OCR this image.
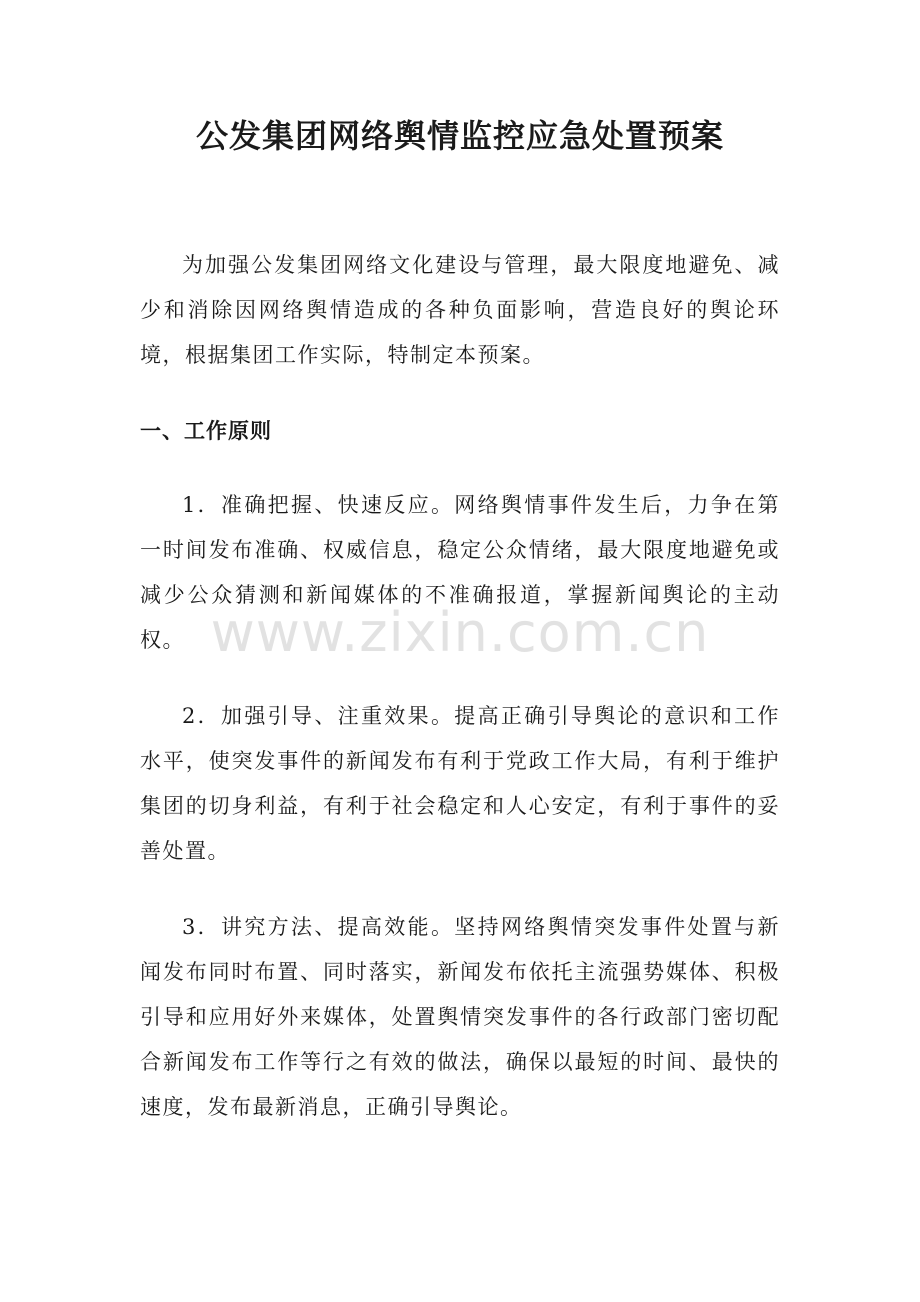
公发集团网络舆情监控应急处置预案

为加强公发集团网络文化建设与管理，最大限度地避免、减少和消除因网络舆情造成的各种负面影响，营造良好的舆论环境，根据集团工作实际，特制定本预案。

一、工作原则

1．准确把握、快速反应。网络舆情事件发生后，力争在第一时间发布准确、权威信息，稳定公众情绪，最大限度地避免或减少公众猜测和新闻媒体的不准确报道，掌握新闻舆论的主动权。

2．加强引导、注重效果。提高正确引导舆论的意识和工作水平，使突发事件的新闻发布有利于党政工作大局，有利于维护集团的切身利益，有利于社会稳定和人心安定，有利于事件的妥善处置。

3．讲究方法、提高效能。坚持网络舆情突发事件处置与新闻发布同时布置、同时落实，新闻发布依托主流强势媒体、积极引导和应用好外来媒体，处置舆情突发事件的各行政部门密切配合新闻发布工作等行之有效的做法，确保以最短的时间、最快的速度，发布最新消息，正确引导舆论。

www.zixin.com.cn
